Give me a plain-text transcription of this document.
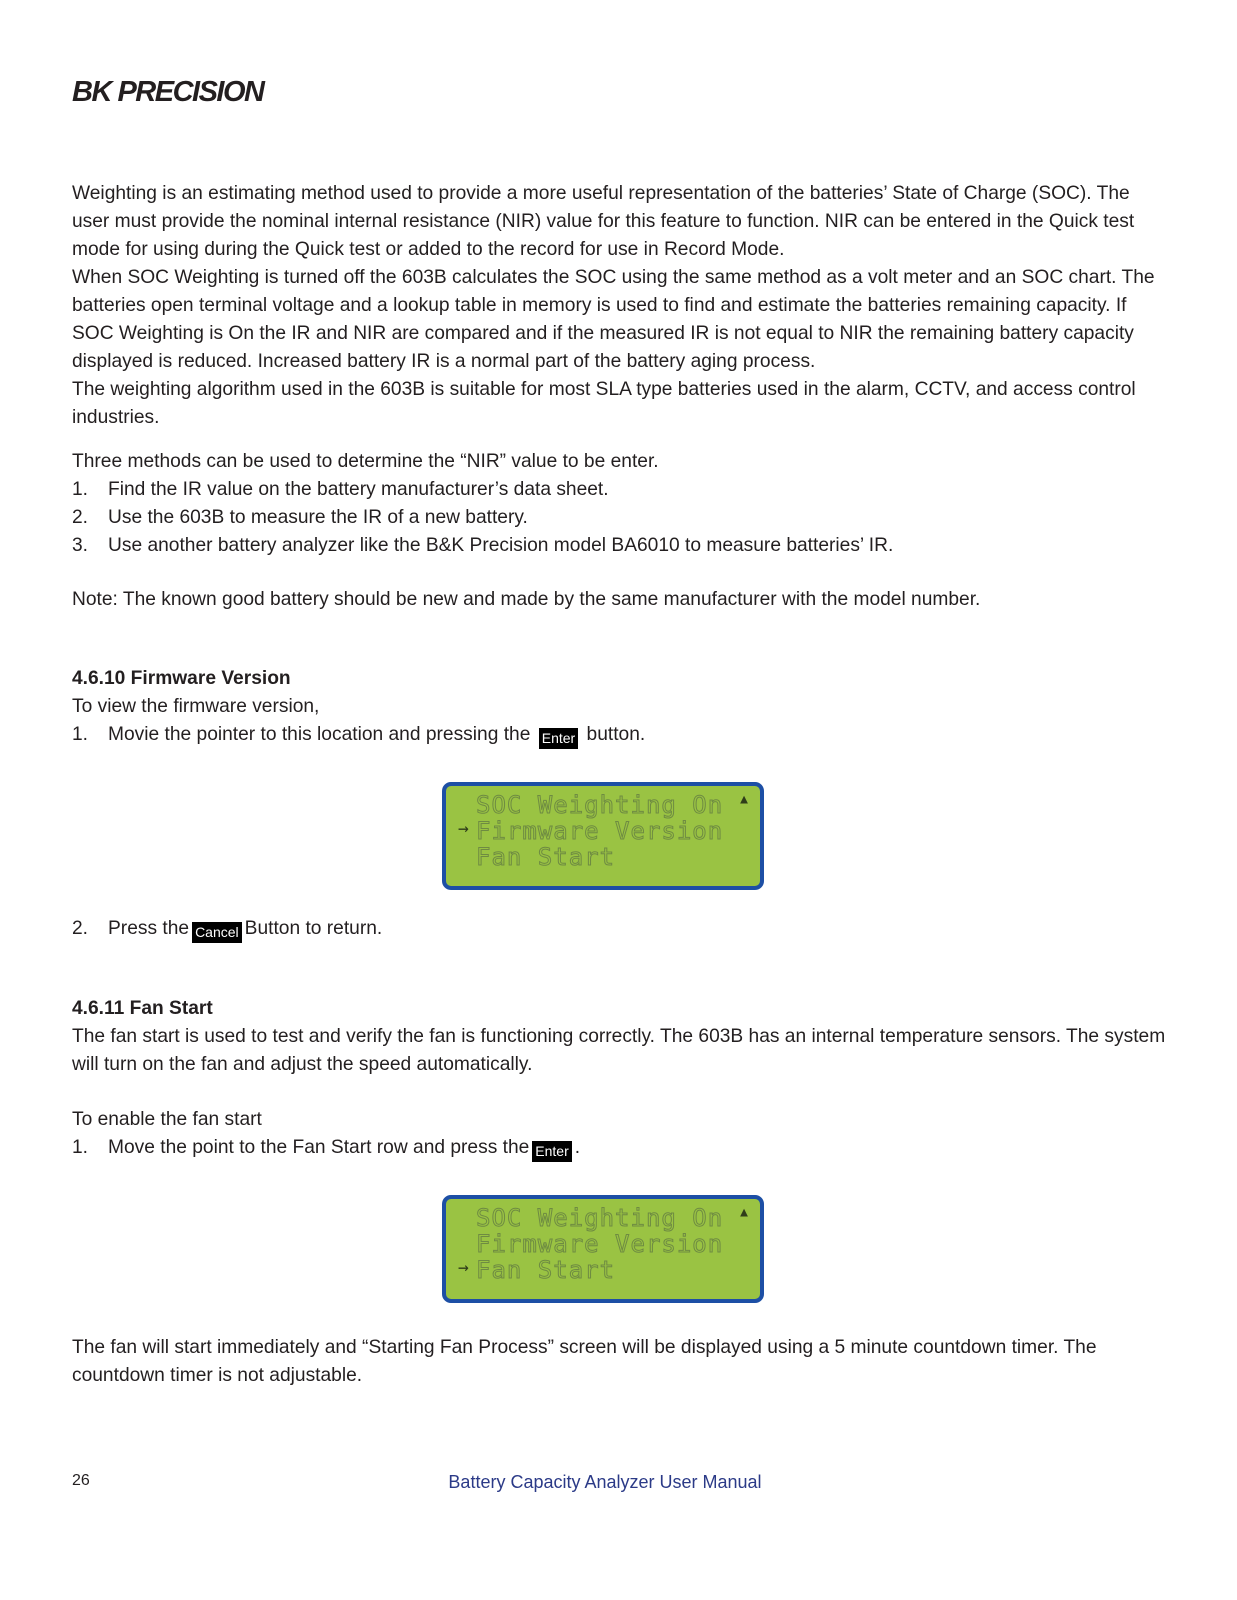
BK PRECISION

Weighting is an estimating method used to provide a more useful representation of the batteries’ State of Charge (SOC). The user must provide the nominal internal resistance (NIR) value for this feature to function. NIR can be entered in the Quick test mode for using during the Quick test or added to the record for use in Record Mode.

When SOC Weighting is turned off the 603B calculates the SOC using the same method as a volt meter and an SOC chart. The batteries open terminal voltage and a lookup table in memory is used to find and estimate the batteries remaining capacity. If SOC Weighting is On the IR and NIR are compared and if the measured IR is not equal to NIR the remaining battery capacity displayed is reduced. Increased battery IR is a normal part of the battery aging process.

The weighting algorithm used in the 603B is suitable for most SLA type batteries used in the alarm, CCTV, and access control industries.

Three methods can be used to determine the “NIR” value to be enter.

1. Find the IR value on the battery manufacturer’s data sheet.
2. Use the 603B to measure the IR of a new battery.
3. Use another battery analyzer like the B&K Precision model BA6010 to measure batteries’ IR.

Note: The known good battery should be new and made by the same manufacturer with the model number.

4.6.10 Firmware Version

To view the firmware version,

1. Movie the pointer to this location and pressing the Enter button.
▲
SOC Weighting On
→ Firmware Version
Fan Start
2. Press the Cancel Button to return.

4.6.11 Fan Start

The fan start is used to test and verify the fan is functioning correctly. The 603B has an internal temperature sensors. The system will turn on the fan and adjust the speed automatically.

To enable the fan start

1. Move the point to the Fan Start row and press the Enter .
▲
SOC Weighting On
Firmware Version
→ Fan Start

The fan will start immediately and “Starting Fan Process” screen will be displayed using a 5 minute countdown timer. The countdown timer is not adjustable.

26	Battery Capacity Analyzer User Manual
